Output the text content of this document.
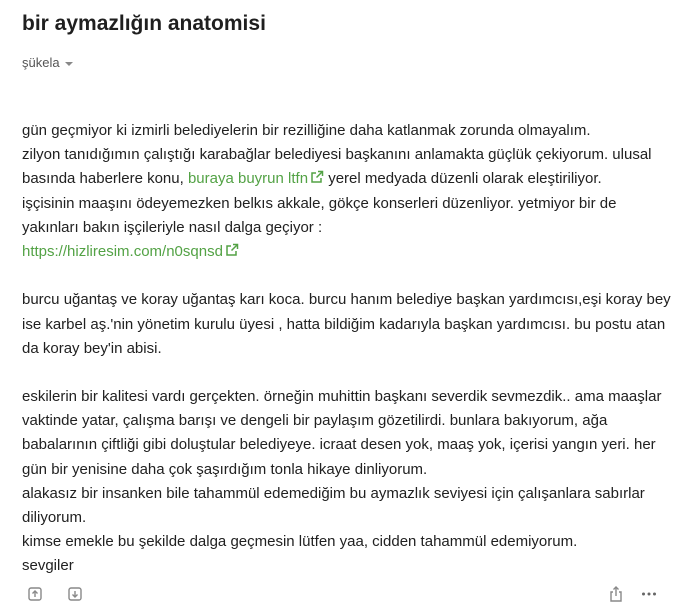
bir aymazlığın anatomisi
şükela
gün geçmiyor ki izmirli belediyelerin bir rezilliğine daha katlanmak zorunda olmayalım.
zilyon tanıdığımın çalıştığı karabağlar belediyesi başkanını anlamakta güçlük çekiyorum. ulusal
basında haberlere konu, buraya buyrun ltfn yerel medyada düzenli olarak eleştiriliyor.
işçisinin maaşını ödeyemezken belkıs akkale, gökçe konserleri düzenliyor. yetmiyor bir de
yakınları bakın işçileriyle nasıl dalga geçiyor :
https://hizliresim.com/n0sqnsd
burcu uğantaş ve koray uğantaş karı koca. burcu hanım belediye başkan yardımcısı,eşi koray bey
ise karbel aş.'nin yönetim kurulu üyesi , hatta bildiğim kadarıyla başkan yardımcısı. bu postu atan
da koray bey'in abisi.
eskilerin bir kalitesi vardı gerçekten. örneğin muhittin başkanı severdik sevmezdik.. ama maaşlar
vaktinde yatar, çalışma barışı ve dengeli bir paylaşım gözetilirdi. bunlara bakıyorum, ağa
babalarının çiftliği gibi doluştular belediyeye. icraat desen yok, maaş yok, içerisi yangın yeri. her
gün bir yenisine daha çok şaşırdığım tonla hikaye dinliyorum.
alakasız bir insanken bile tahammül edemediğim bu aymazlık seviyesi için çalışanlara sabırlar
diliyorum.
kimse emekle bu şekilde dalga geçmesin lütfen yaa, cidden tahammül edemiyorum.
sevgiler
